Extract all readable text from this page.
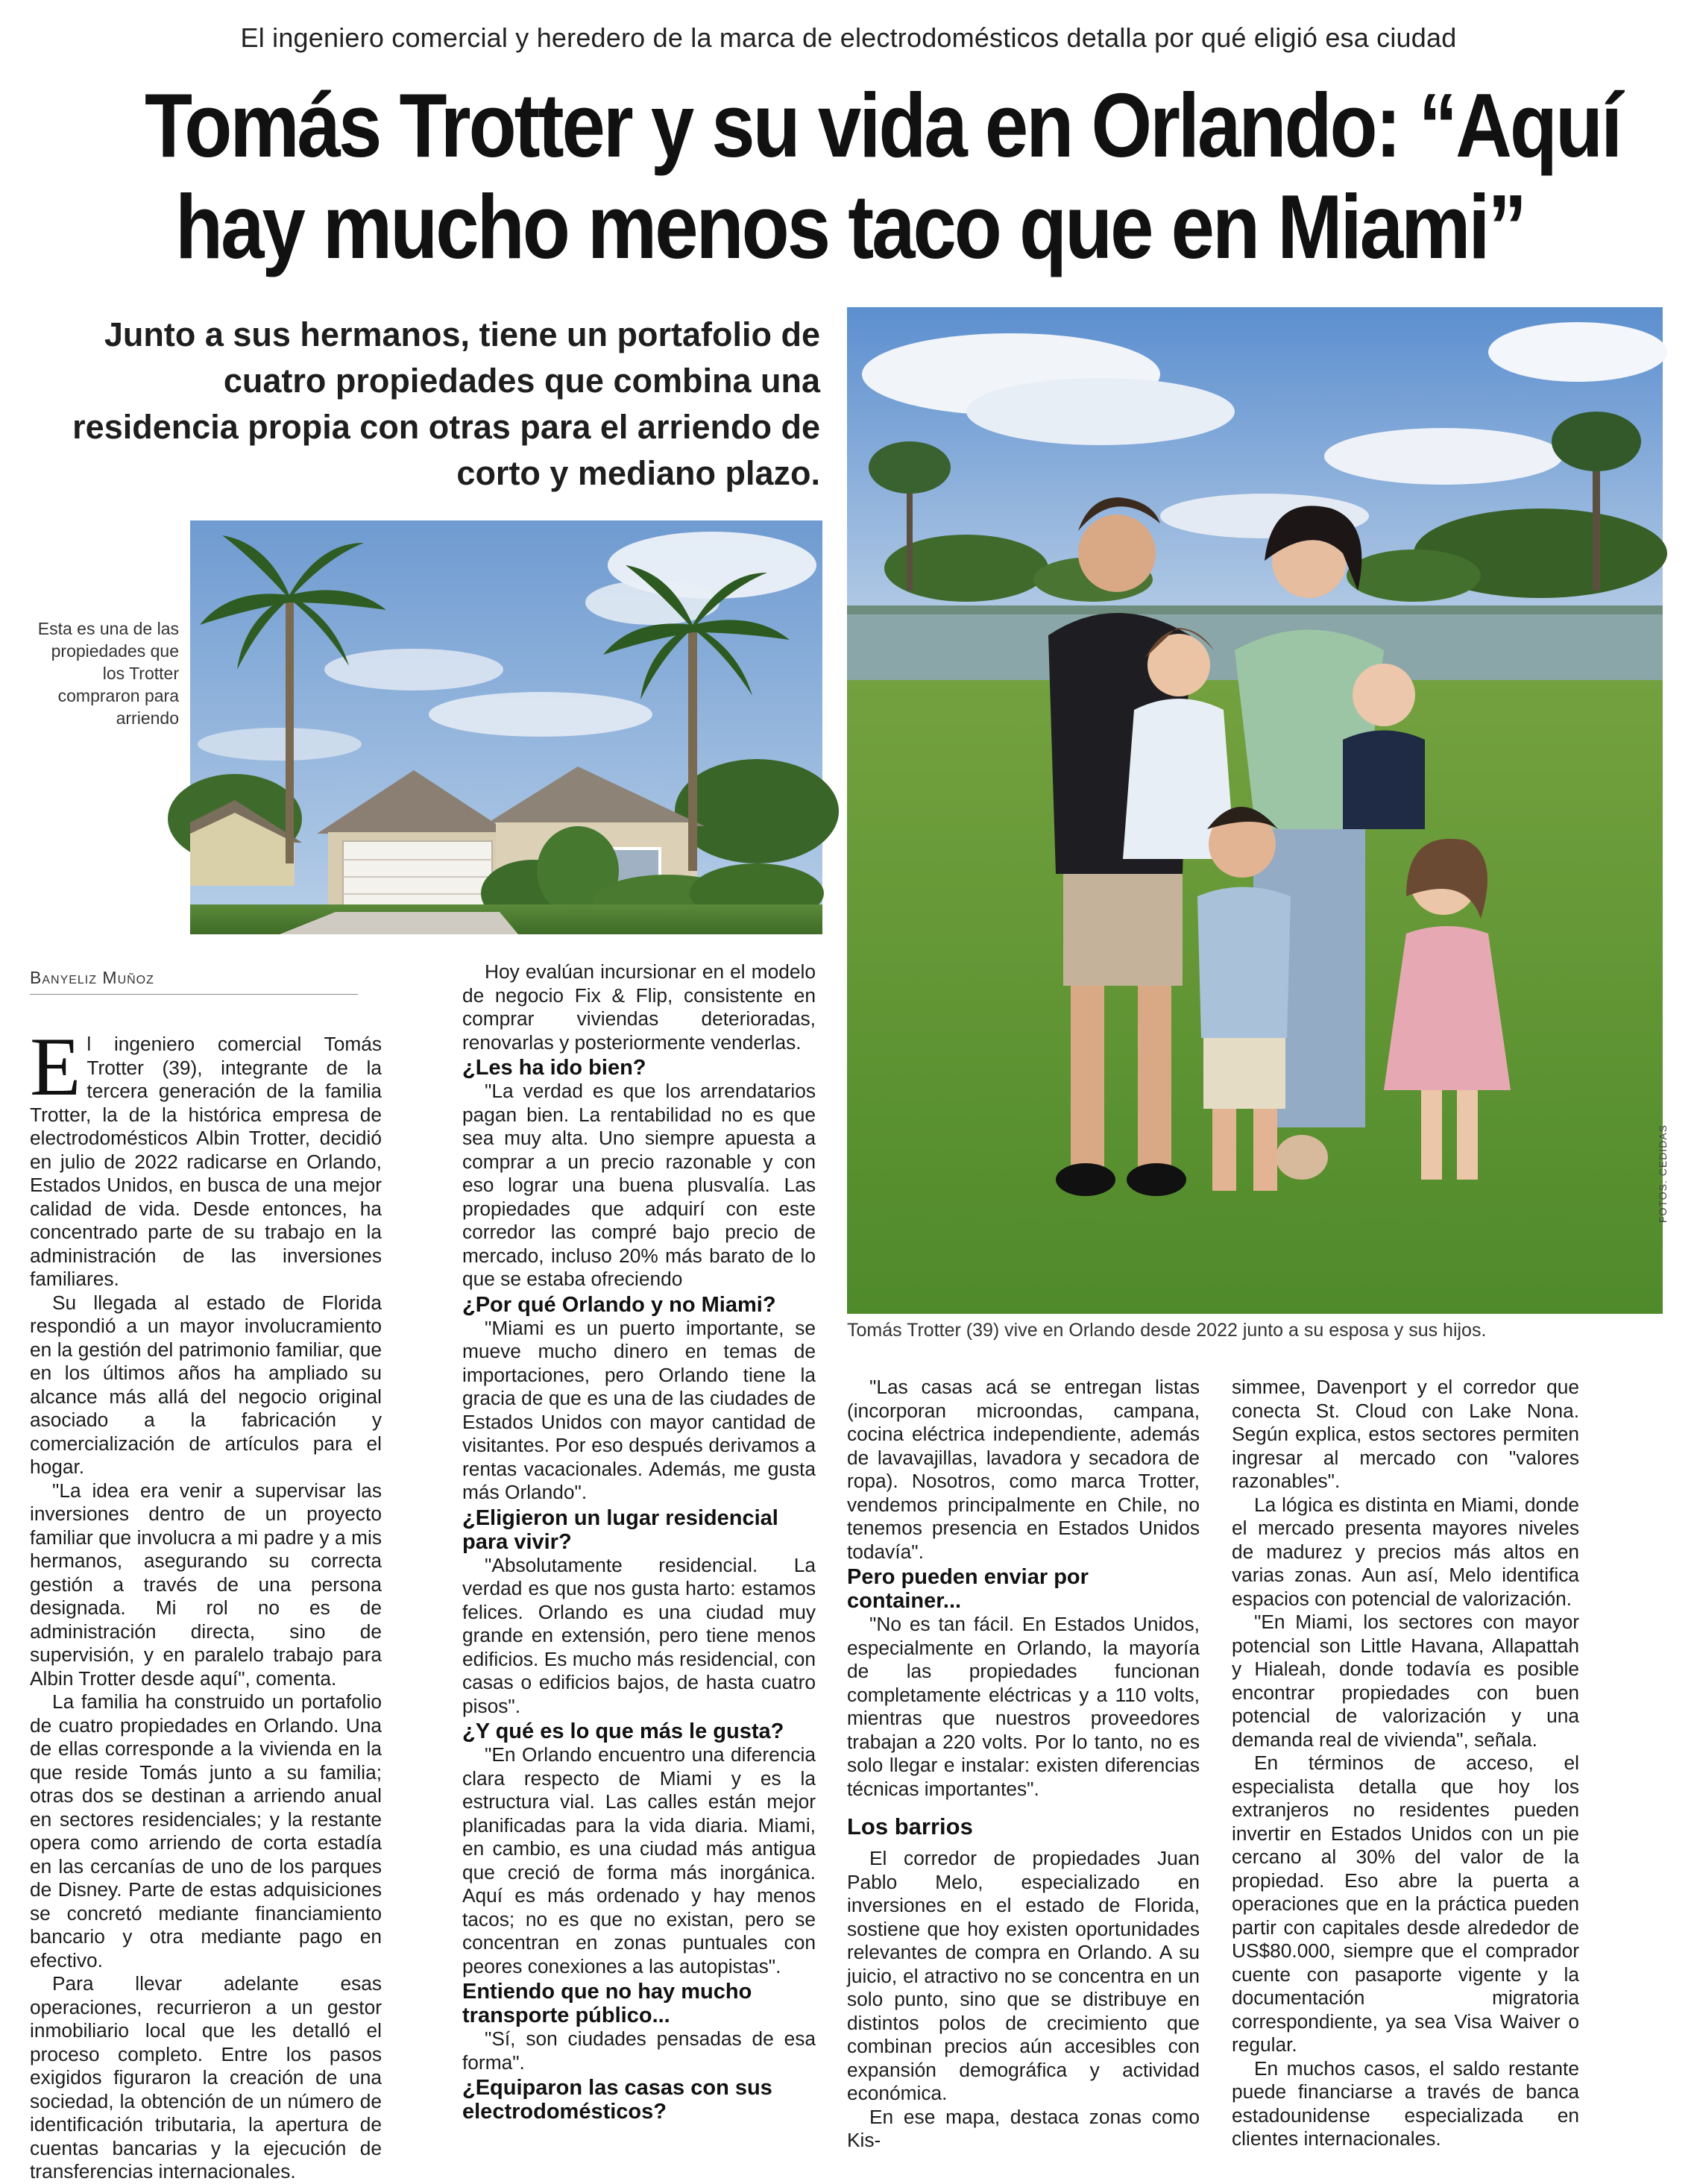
El ingeniero comercial y heredero de la marca de electrodomésticos detalla por qué eligió esa ciudad
Tomás Trotter y su vida en Orlando: “Aquí
hay mucho menos taco que en Miami”
Junto a sus hermanos, tiene un portafolio de cuatro propiedades que combina una residencia propia con otras para el arriendo de corto y mediano plazo.
Esta es una de las propiedades que los Trotter compraron para arriendo
FOTOS: CEDIDAS
Tomás Trotter (39) vive en Orlando desde 2022 junto a su esposa y sus hijos.
Banyeliz Muñoz

El ingeniero comercial Tomás Trotter (39), integrante de la tercera generación de la familia Trotter, la de la histórica empresa de electrodomésticos Albin Trotter, decidió en julio de 2022 radicarse en Orlando, Estados Unidos, en busca de una mejor calidad de vida. Desde entonces, ha concentrado parte de su trabajo en la administración de las inversiones familiares.

Su llegada al estado de Florida respondió a un mayor involucramiento en la gestión del patrimonio familiar, que en los últimos años ha ampliado su alcance más allá del negocio original asociado a la fabricación y comercialización de artículos para el hogar.

"La idea era venir a supervisar las inversiones dentro de un proyecto familiar que involucra a mi padre y a mis hermanos, asegurando su correcta gestión a través de una persona designada. Mi rol no es de administración directa, sino de supervisión, y en paralelo trabajo para Albin Trotter desde aquí", comenta.

La familia ha construido un portafolio de cuatro propiedades en Orlando. Una de ellas corresponde a la vivienda en la que reside Tomás junto a su familia; otras dos se destinan a arriendo anual en sectores residenciales; y la restante opera como arriendo de corta estadía en las cercanías de uno de los parques de Disney. Parte de estas adquisiciones se concretó mediante financiamiento bancario y otra mediante pago en efectivo.

Para llevar adelante esas operaciones, recurrieron a un gestor inmobiliario local que les detalló el proceso completo. Entre los pasos exigidos figuraron la creación de una sociedad, la obtención de un número de identificación tributaria, la apertura de cuentas bancarias y la ejecución de transferencias internacionales.

Hoy evalúan incursionar en el modelo de negocio Fix & Flip, consistente en comprar viviendas deterioradas, renovarlas y posteriormente venderlas.

¿Les ha ido bien?

"La verdad es que los arrendatarios pagan bien. La rentabilidad no es que sea muy alta. Uno siempre apuesta a comprar a un precio razonable y con eso lograr una buena plusvalía. Las propiedades que adquirí con este corredor las compré bajo precio de mercado, incluso 20% más barato de lo que se estaba ofreciendo

¿Por qué Orlando y no Miami?

"Miami es un puerto importante, se mueve mucho dinero en temas de importaciones, pero Orlando tiene la gracia de que es una de las ciudades de Estados Unidos con mayor cantidad de visitantes. Por eso después derivamos a rentas vacacionales. Además, me gusta más Orlando".

¿Eligieron un lugar residencial para vivir?

"Absolutamente residencial. La verdad es que nos gusta harto: estamos felices. Orlando es una ciudad muy grande en extensión, pero tiene menos edificios. Es mucho más residencial, con casas o edificios bajos, de hasta cuatro pisos".

¿Y qué es lo que más le gusta?

"En Orlando encuentro una diferencia clara respecto de Miami y es la estructura vial. Las calles están mejor planificadas para la vida diaria. Miami, en cambio, es una ciudad más antigua que creció de forma más inorgánica. Aquí es más ordenado y hay menos tacos; no es que no existan, pero se concentran en zonas puntuales con peores conexiones a las autopistas".

Entiendo que no hay mucho transporte público...

"Sí, son ciudades pensadas de esa forma".

¿Equiparon las casas con sus electrodomésticos?

"Las casas acá se entregan listas (incorporan microondas, campana, cocina eléctrica independiente, además de lavavajillas, lavadora y secadora de ropa). Nosotros, como marca Trotter, vendemos principalmente en Chile, no tenemos presencia en Estados Unidos todavía".

Pero pueden enviar por container...

"No es tan fácil. En Estados Unidos, especialmente en Orlando, la mayoría de las propiedades funcionan completamente eléctricas y a 110 volts, mientras que nuestros proveedores trabajan a 220 volts. Por lo tanto, no es solo llegar e instalar: existen diferencias técnicas importantes".

Los barrios

El corredor de propiedades Juan Pablo Melo, especializado en inversiones en el estado de Florida, sostiene que hoy existen oportunidades relevantes de compra en Orlando. A su juicio, el atractivo no se concentra en un solo punto, sino que se distribuye en distintos polos de crecimiento que combinan precios aún accesibles con expansión demográfica y actividad económica.

En ese mapa, destaca zonas como Kis-

simmee, Davenport y el corredor que conecta St. Cloud con Lake Nona. Según explica, estos sectores permiten ingresar al mercado con "valores razonables".

La lógica es distinta en Miami, donde el mercado presenta mayores niveles de madurez y precios más altos en varias zonas. Aun así, Melo identifica espacios con potencial de valorización.

"En Miami, los sectores con mayor potencial son Little Havana, Allapattah y Hialeah, donde todavía es posible encontrar propiedades con buen potencial de valorización y una demanda real de vivienda", señala.

En términos de acceso, el especialista detalla que hoy los extranjeros no residentes pueden invertir en Estados Unidos con un pie cercano al 30% del valor de la propiedad. Eso abre la puerta a operaciones que en la práctica pueden partir con capitales desde alrededor de US$80.000, siempre que el comprador cuente con pasaporte vigente y la documentación migratoria correspondiente, ya sea Visa Waiver o regular.

En muchos casos, el saldo restante puede financiarse a través de banca estadounidense especializada en clientes internacionales.
